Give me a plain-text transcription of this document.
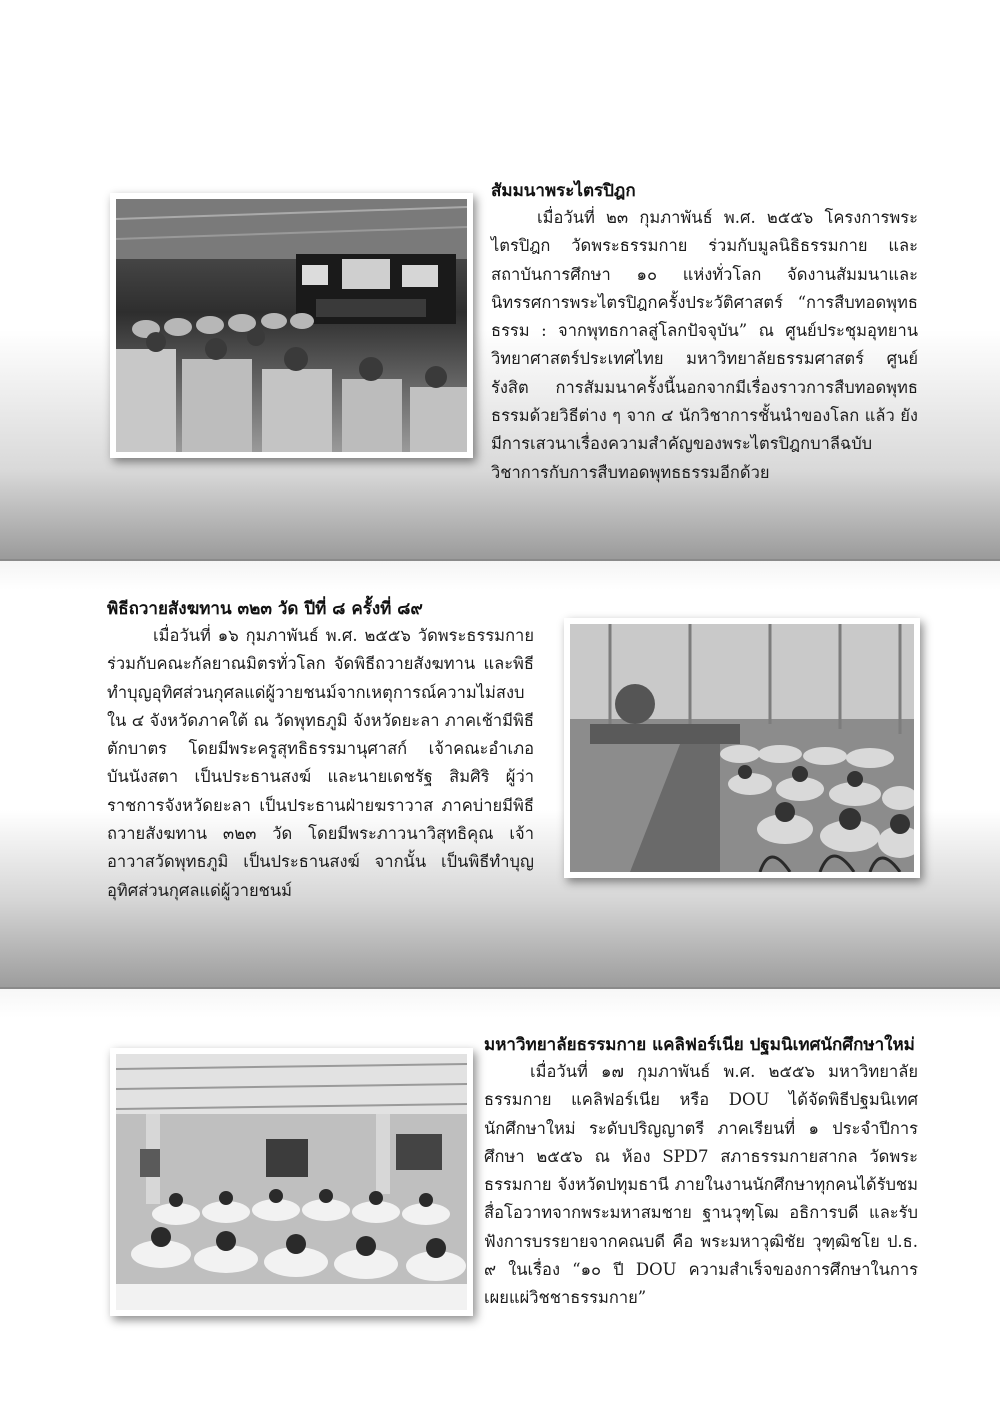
สัมมนาพระไตรปิฎก

เมื่อวันที่ ๒๓ กุมภาพันธ์ พ.ศ. ๒๕๕๖ โครงการพระไตรปิฎก วัดพระธรรมกาย ร่วมกับมูลนิธิธรรมกาย และสถาบันการศึกษา ๑๐ แห่งทั่วโลก จัดงานสัมมนาและนิทรรศการพระไตรปิฎกครั้งประวัติศาสตร์ “การสืบทอดพุทธธรรม : จากพุทธกาลสู่โลกปัจจุบัน” ณ ศูนย์ประชุมอุทยานวิทยาศาสตร์ประเทศไทย มหาวิทยาลัยธรรมศาสตร์ ศูนย์รังสิต การสัมมนาครั้งนี้นอกจากมีเรื่องราวการสืบทอดพุทธธรรมด้วยวิธีต่าง ๆ จาก ๔ นักวิชาการชั้นนำของโลก แล้ว ยังมีการเสวนาเรื่องความสำคัญของพระไตรปิฎกบาลีฉบับวิชาการกับการสืบทอดพุทธธรรมอีกด้วย

พิธีถวายสังฆทาน ๓๒๓ วัด ปีที่ ๘ ครั้งที่ ๘๙

เมื่อวันที่ ๑๖ กุมภาพันธ์ พ.ศ. ๒๕๕๖ วัดพระธรรมกาย ร่วมกับคณะกัลยาณมิตรทั่วโลก จัดพิธีถวายสังฆทาน และพิธีทำบุญอุทิศส่วนกุศลแด่ผู้วายชนม์จากเหตุการณ์ความไม่สงบใน ๔ จังหวัดภาคใต้ ณ วัดพุทธภูมิ จังหวัดยะลา ภาคเช้ามีพิธีตักบาตร โดยมีพระครูสุทธิธรรมานุศาสก์ เจ้าคณะอำเภอบันนังสตา เป็นประธานสงฆ์ และนายเดชรัฐ สิมศิริ ผู้ว่าราชการจังหวัดยะลา เป็นประธานฝ่ายฆราวาส ภาคบ่ายมีพิธีถวายสังฆทาน ๓๒๓ วัด โดยมีพระภาวนาวิสุทธิคุณ เจ้าอาวาสวัดพุทธภูมิ เป็นประธานสงฆ์ จากนั้น เป็นพิธีทำบุญอุทิศส่วนกุศลแด่ผู้วายชนม์

มหาวิทยาลัยธรรมกาย แคลิฟอร์เนีย ปฐมนิเทศนักศึกษาใหม่

เมื่อวันที่ ๑๗ กุมภาพันธ์ พ.ศ. ๒๕๕๖ มหาวิทยาลัยธรรมกาย แคลิฟอร์เนีย หรือ DOU ได้จัดพิธีปฐมนิเทศนักศึกษาใหม่ ระดับปริญญาตรี ภาคเรียนที่ ๑ ประจำปีการศึกษา ๒๕๕๖ ณ ห้อง SPD7 สภาธรรมกายสากล วัดพระธรรมกาย จังหวัดปทุมธานี ภายในงานนักศึกษาทุกคนได้รับชมสื่อโอวาทจากพระมหาสมชาย ฐานวุฑฺโฒ อธิการบดี และรับฟังการบรรยายจากคณบดี คือ พระมหาวุฒิชัย วุฑฺฒิชโย ป.ธ. ๙ ในเรื่อง “๑๐ ปี DOU ความสำเร็จของการศึกษาในการเผยแผ่วิชชาธรรมกาย”
